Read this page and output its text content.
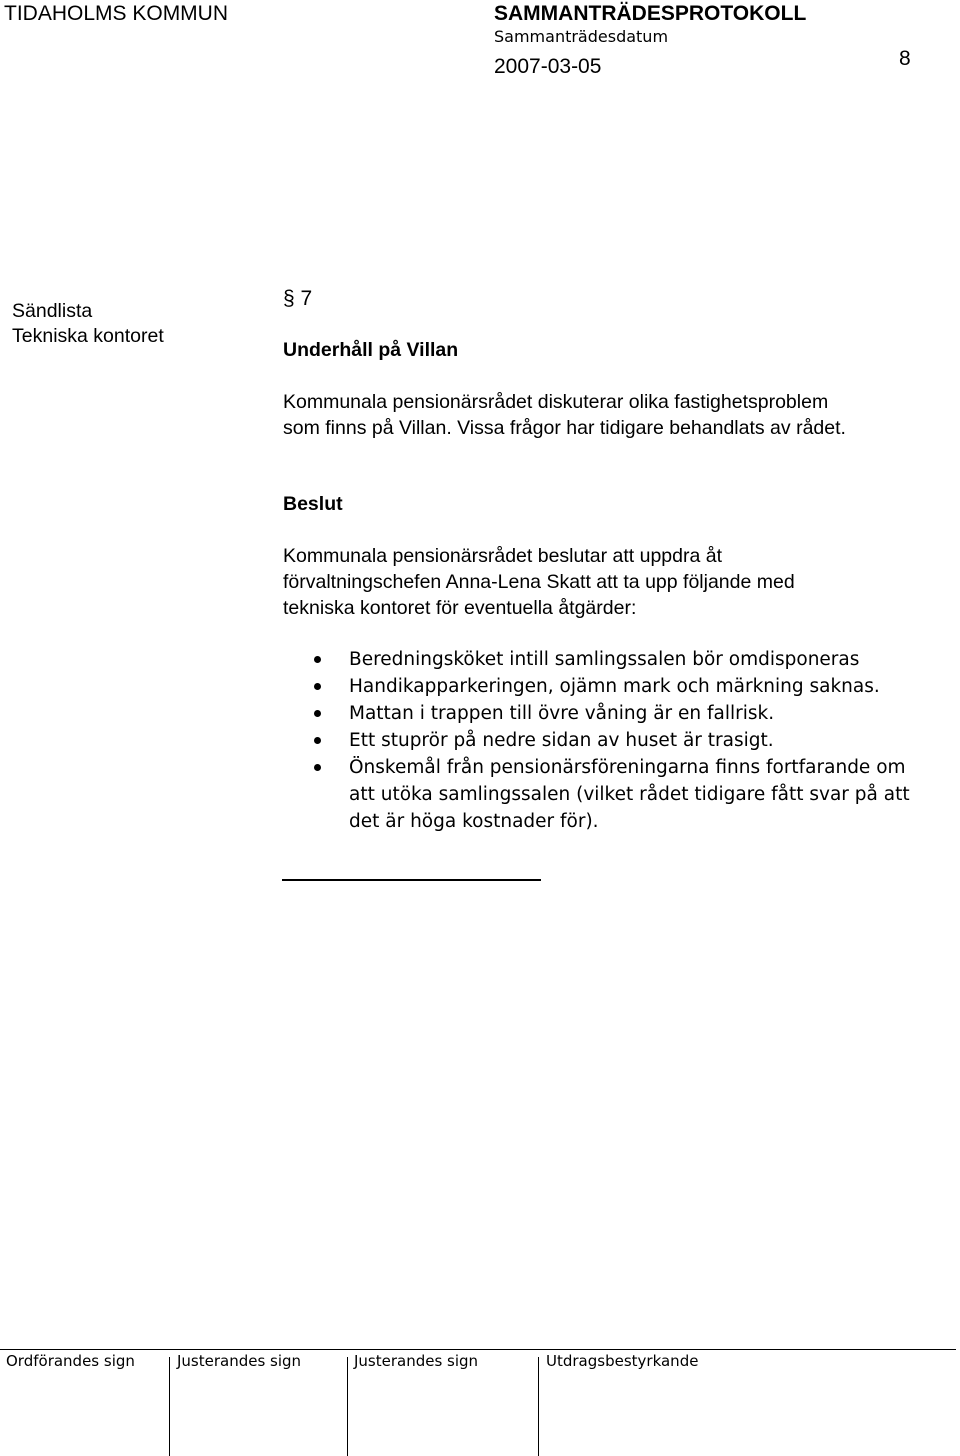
TIDAHOLMS KOMMUN	SAMMANTRÄDESPROTOKOLL
Sammanträdesdatum
2007-03-05	8
Sändlista
Tekniska kontoret
§ 7
Underhåll på Villan
Kommunala pensionärsrådet diskuterar olika fastighetsproblem
som finns på Villan. Vissa frågor har tidigare behandlats av rådet.
Beslut
Kommunala pensionärsrådet beslutar att uppdra åt
förvaltningschefen Anna-Lena Skatt att ta upp följande med
tekniska kontoret för eventuella åtgärder:
Beredningsköket intill samlingssalen bör omdisponeras
Handikapparkeringen, ojämn mark och märkning saknas.
Mattan i trappen till övre våning är en fallrisk.
Ett stuprör på nedre sidan av huset är trasigt.
Önskemål från pensionärsföreningarna finns fortfarande om
att utöka samlingssalen (vilket rådet tidigare fått svar på att
det är höga kostnader för).
Ordförandes sign	Justerandes sign	Justerandes sign	Utdragsbestyrkande
